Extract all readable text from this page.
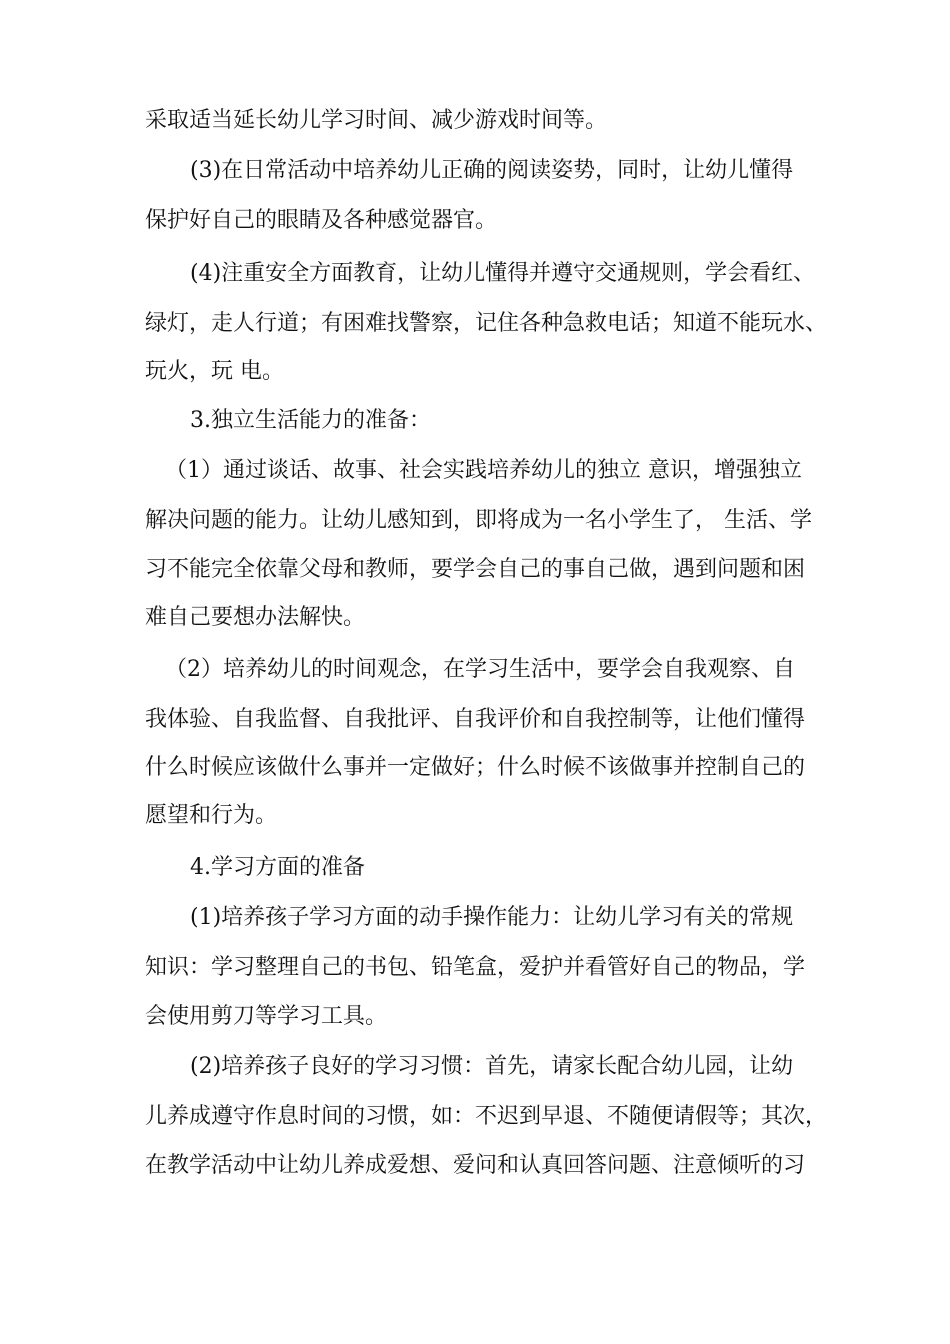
采取适当延长幼儿学习时间、减少游戏时间等。

(3)在日常活动中培养幼儿正确的阅读姿势，同时，让幼儿懂得

保护好自己的眼睛及各种感觉器官。

(4)注重安全方面教育，让幼儿懂得并遵守交通规则，学会看红、

绿灯，走人行道；有困难找警察，记住各种急救电话；知道不能玩水、

玩火，玩 电。

3.独立生活能力的准备：

（1）通过谈话、故事、社会实践培养幼儿的独立 意识，增强独立

解决问题的能力。让幼儿感知到，即将成为一名小学生了， 生活、学

习不能完全依靠父母和教师，要学会自己的事自己做，遇到问题和困

难自己要想办法解快。

（2）培养幼儿的时间观念，在学习生活中，要学会自我观察、自

我体验、自我监督、自我批评、自我评价和自我控制等，让他们懂得

什么时候应该做什么事并一定做好；什么时候不该做事并控制自己的

愿望和行为。

4.学习方面的准备

(1)培养孩子学习方面的动手操作能力：让幼儿学习有关的常规

知识：学习整理自己的书包、铅笔盒，爱护并看管好自己的物品，学

会使用剪刀等学习工具。

(2)培养孩子良好的学习习惯：首先，请家长配合幼儿园，让幼

儿养成遵守作息时间的习惯，如：不迟到早退、不随便请假等；其次，

在教学活动中让幼儿养成爱想、爱问和认真回答问题、注意倾听的习
